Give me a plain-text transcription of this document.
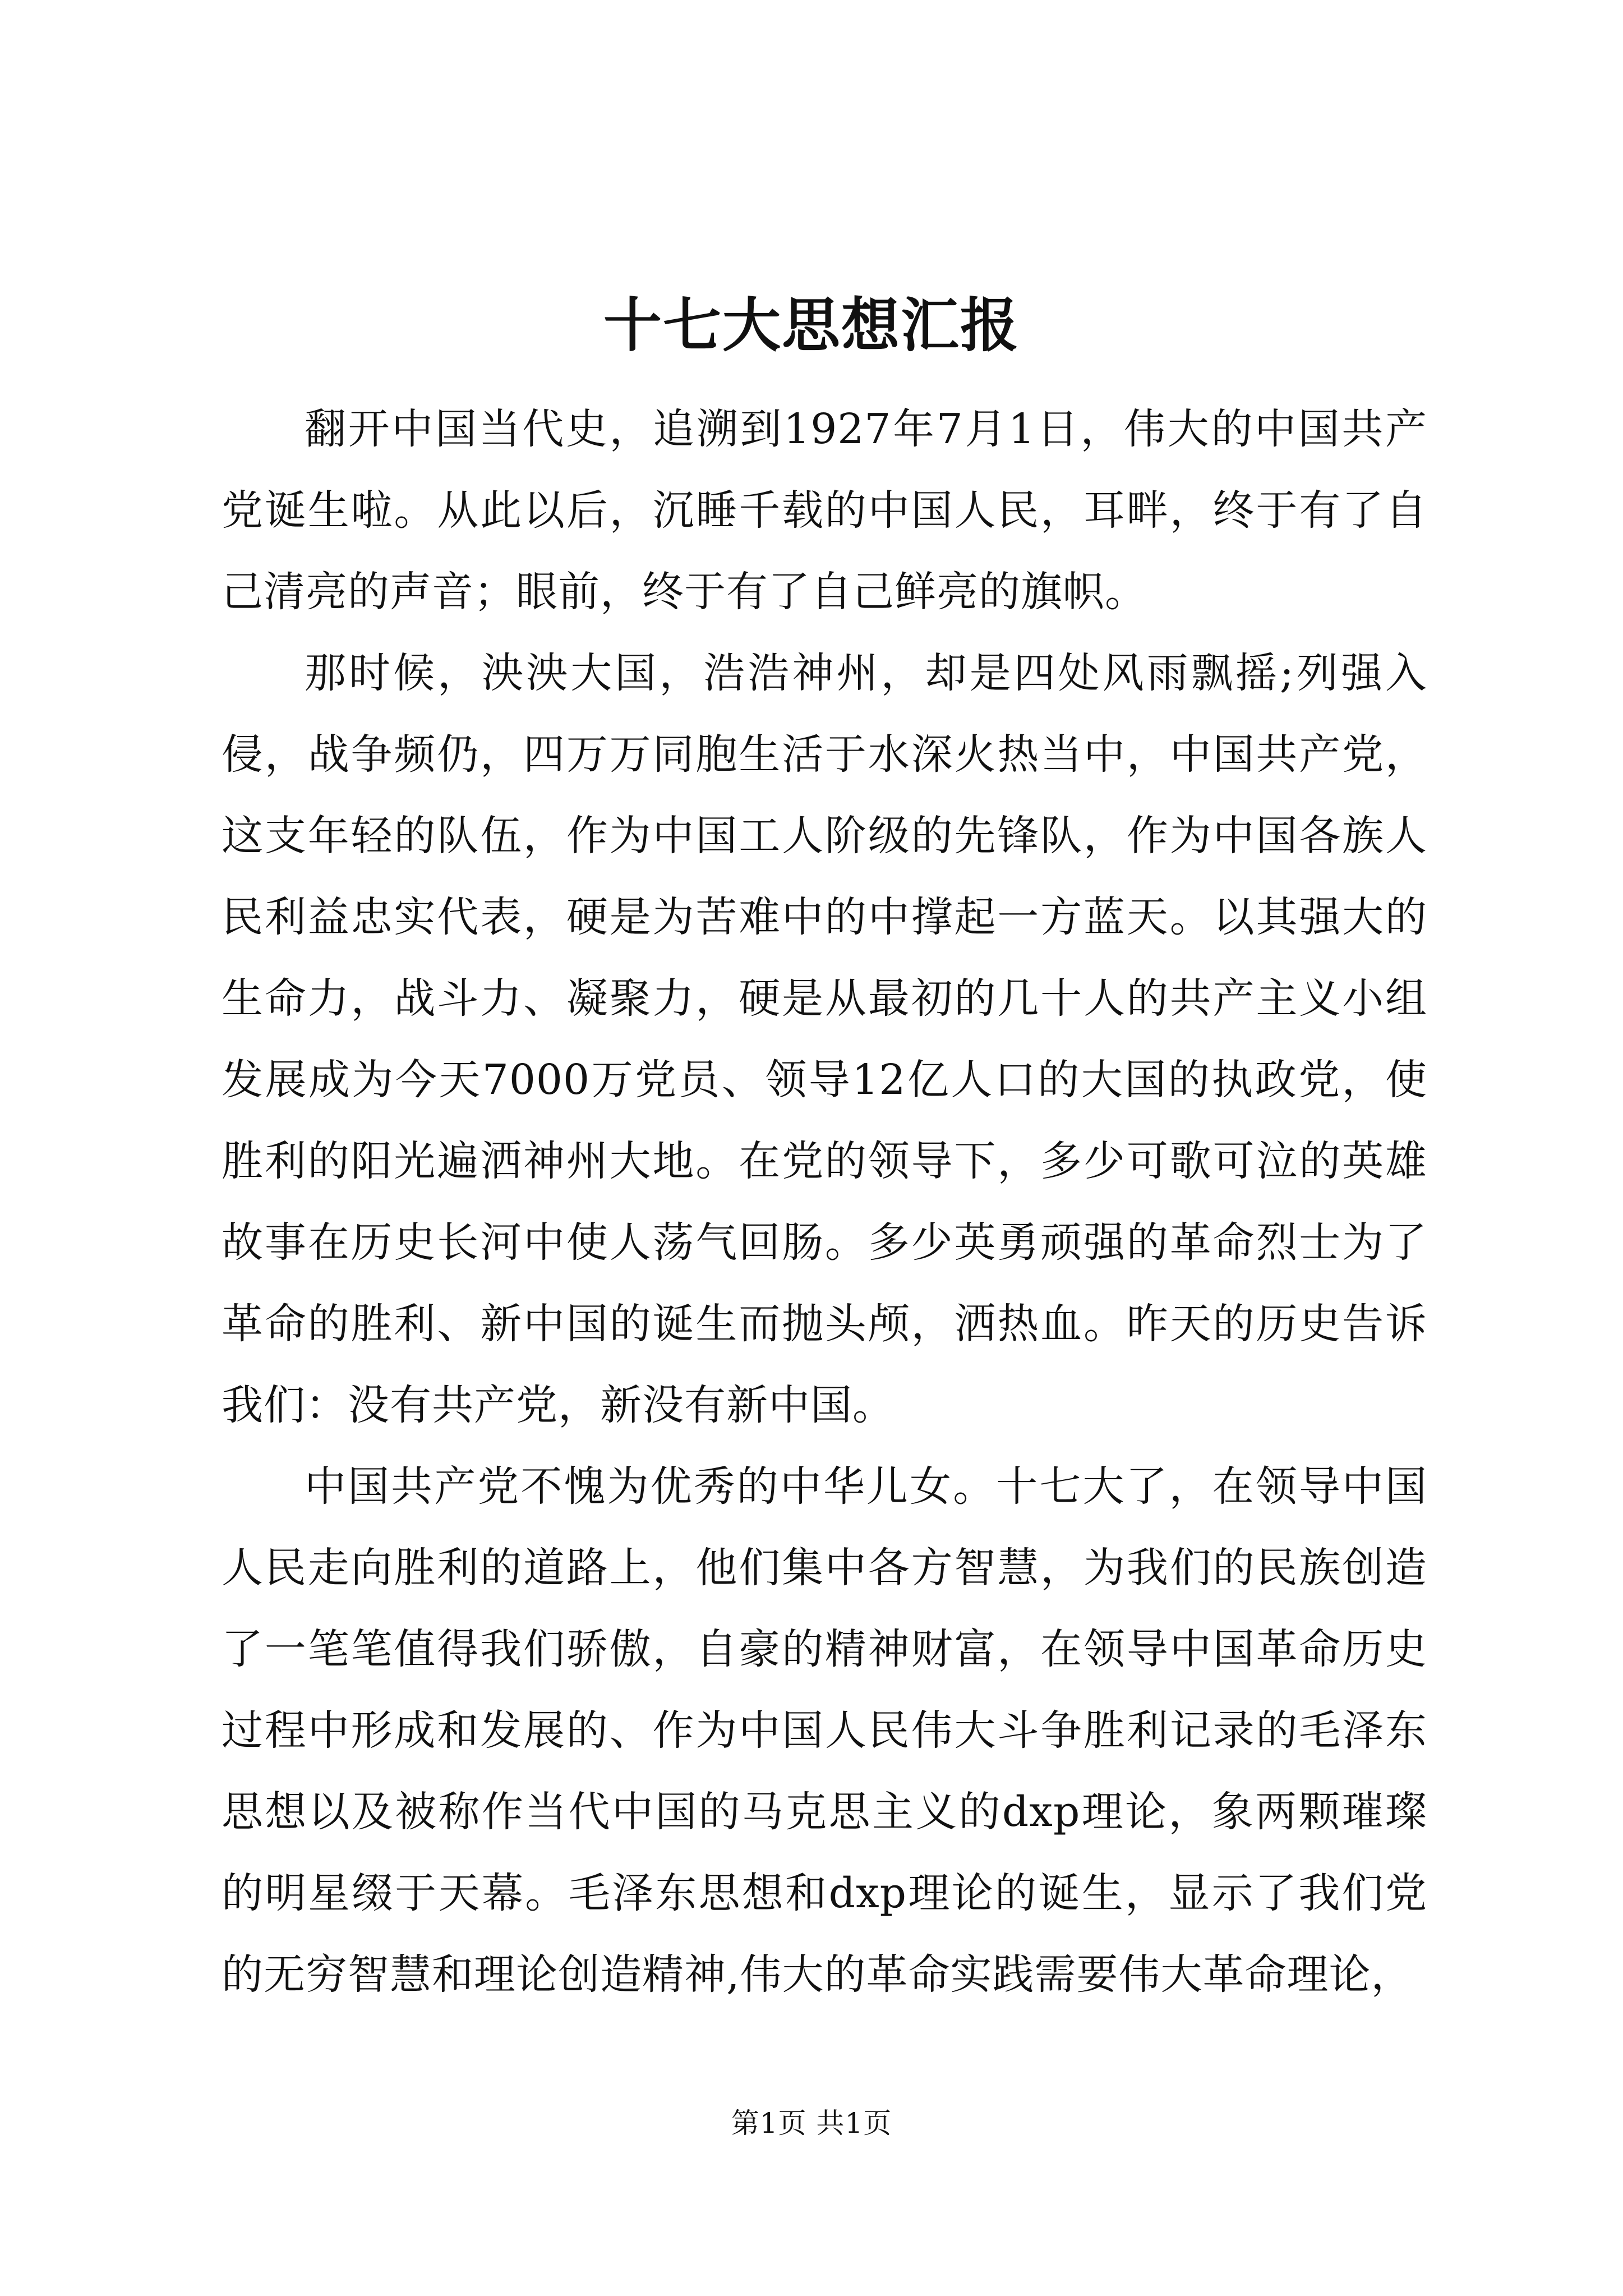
十七大思想汇报

翻开中国当代史，追溯到1927年7月1日，伟大的中国共产党诞生啦。从此以后，沉睡千载的中国人民，耳畔，终于有了自己清亮的声音；眼前，终于有了自己鲜亮的旗帜。

那时候，泱泱大国，浩浩神州，却是四处风雨飘摇;列强入侵，战争频仍，四万万同胞生活于水深火热当中，中国共产党，这支年轻的队伍，作为中国工人阶级的先锋队，作为中国各族人民利益忠实代表，硬是为苦难中的中撑起一方蓝天。以其强大的生命力，战斗力、凝聚力，硬是从最初的几十人的共产主义小组发展成为今天7000万党员、领导12亿人口的大国的执政党，使胜利的阳光遍洒神州大地。在党的领导下，多少可歌可泣的英雄故事在历史长河中使人荡气回肠。多少英勇顽强的革命烈士为了革命的胜利、新中国的诞生而抛头颅，洒热血。昨天的历史告诉我们：没有共产党，新没有新中国。

中国共产党不愧为优秀的中华儿女。十七大了，在领导中国人民走向胜利的道路上，他们集中各方智慧，为我们的民族创造了一笔笔值得我们骄傲，自豪的精神财富，在领导中国革命历史过程中形成和发展的、作为中国人民伟大斗争胜利记录的毛泽东思想以及被称作当代中国的马克思主义的dxp理论，象两颗璀璨的明星缀于天幕。毛泽东思想和dxp理论的诞生，显示了我们党的无穷智慧和理论创造精神,伟大的革命实践需要伟大革命理论，

第1页 共1页
